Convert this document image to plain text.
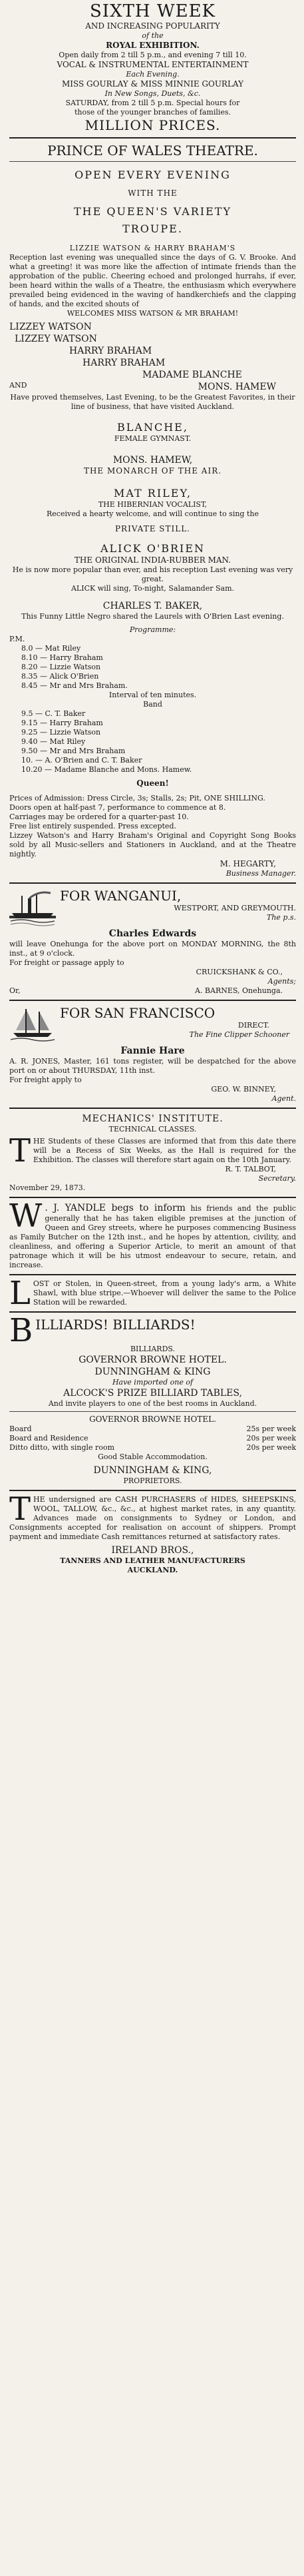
SIXTH WEEK
AND INCREASING POPULARITY
of the
ROYAL EXHIBITION.
Open daily from 2 till 5 p.m., and evening 7 till 10.
VOCAL & INSTRUMENTAL ENTERTAINMENT
Each Evening.
MISS GOURLAY & MISS MINNIE GOURLAY
In New Songs, Duets, &c.
SATURDAY, from 2 till 5 p.m. Special hours for
those of the younger branches of families.
MILLION PRICES.
PRINCE OF WALES THEATRE.
OPEN EVERY EVENING
WITH THE
THE QUEEN'S VARIETY
TROUPE.
LIZZIE WATSON & HARRY BRAHAM'S
Reception last evening was unequalled since the days of G. V. Brooke. And what a greeting! it was more like the affection of intimate friends than the approbation of the public. Cheering echoed and prolonged hurrahs, if ever, been heard within the walls of a Theatre, the enthusiasm which everywhere prevailed being evidenced in the waving of handkerchiefs and the clapping of hands, and the excited shouts of
WELCOMES MISS WATSON & MR BRAHAM!
LIZZEY WATSON
LIZZEY WATSON
HARRY BRAHAM
HARRY BRAHAM
MADAME BLANCHE
AND	MONS. HAMEW
Have proved themselves, Last Evening, to be the Greatest Favorites, in their line of business, that have visited Auckland.
BLANCHE,
FEMALE GYMNAST.
MONS. HAMEW,
THE MONARCH OF THE AIR.
MAT RILEY,
THE HIBERNIAN VOCALIST,
Received a hearty welcome, and will continue to sing the
PRIVATE STILL.
ALICK O'BRIEN
THE ORIGINAL INDIA-RUBBER MAN.
He is now more popular than ever, and his reception Last evening was very great.
ALICK will sing, To-night, Salamander Sam.
CHARLES T. BAKER,
This Funny Little Negro shared the Laurels with O'Brien Last evening.
Programme:
P.M.
8.0 — Mat Riley
8.10 — Harry Braham
8.20 — Lizzie Watson
8.35 — Alick O'Brien
8.45 — Mr and Mrs Braham.
Interval of ten minutes.
Band
9.5 — C. T. Baker
9.15 — Harry Braham
9.25 — Lizzie Watson
9.40 — Mat Riley
9.50 — Mr and Mrs Braham
10. — A. O'Brien and C. T. Baker
10.20 — Madame Blanche and Mons. Hamew.
Queen!
Prices of Admission: Dress Circle, 3s; Stalls, 2s; Pit, ONE SHILLING.
Doors open at half-past 7, performance to commence at 8.
Carriages may be ordered for a quarter-past 10.
Free list entirely suspended. Press excepted.
Lizzey Watson's and Harry Braham's Original and Copyright Song Books sold by all Music-sellers and Stationers in Auckland, and at the Theatre nightly.
M. HEGARTY,
Business Manager.
FOR WANGANUI,
WESTPORT, AND GREYMOUTH.
The p.s.
Charles Edwards
will leave Onehunga for the above port on MONDAY MORNING, the 8th inst., at 9 o'clock.
For freight or passage apply to
CRUICKSHANK & CO.,
Agents;
Or,	A. BARNES, Onehunga.
FOR SAN FRANCISCO
DIRECT.
The Fine Clipper Schooner
Fannie Hare
A. R. JONES, Master, 161 tons register, will be despatched for the above port on or about THURSDAY, 11th inst.
For freight apply to
GEO. W. BINNEY,
Agent.
MECHANICS' INSTITUTE.
TECHNICAL CLASSES.
T HE Students of these Classes are informed that from this date there will be a Recess of Six Weeks, as the Hall is required for the Exhibition. The classes will therefore start again on the 10th January.
R. T. TALBOT,
Secretary.
November 29, 1873.
W . J. YANDLE begs to inform his friends and the public generally that he has taken eligible premises at the junction of Queen and Grey streets, where he purposes commencing Business as Family Butcher on the 12th inst., and he hopes by attention, civility, and cleanliness, and offering a Superior Article, to merit an amount of that patronage which it will be his utmost endeavour to secure, retain, and increase.
L OST or Stolen, in Queen-street, from a young lady's arm, a White Shawl, with blue stripe.—Whoever will deliver the same to the Police Station will be rewarded.
B ILLIARDS! BILLIARDS!
BILLIARDS.
GOVERNOR BROWNE HOTEL.
DUNNINGHAM & KING
Have imported one of
ALCOCK'S PRIZE BILLIARD TABLES,
And invite players to one of the best rooms in Auckland.
GOVERNOR BROWNE HOTEL.
Board	25s per week
Board and Residence	20s per week
Ditto ditto, with single room	20s per week
Good Stable Accommodation.
DUNNINGHAM & KING,
PROPRIETORS.
T HE undersigned are CASH PURCHASERS of HIDES, SHEEPSKINS, WOOL, TALLOW, &c., &c., at highest market rates, in any quantity. Advances made on consignments to Sydney or London, and Consignments accepted for realisation on account of shippers. Prompt payment and immediate Cash remittances returned at satisfactory rates.
IRELAND BROS.,
TANNERS AND LEATHER MANUFACTURERS
AUCKLAND.
